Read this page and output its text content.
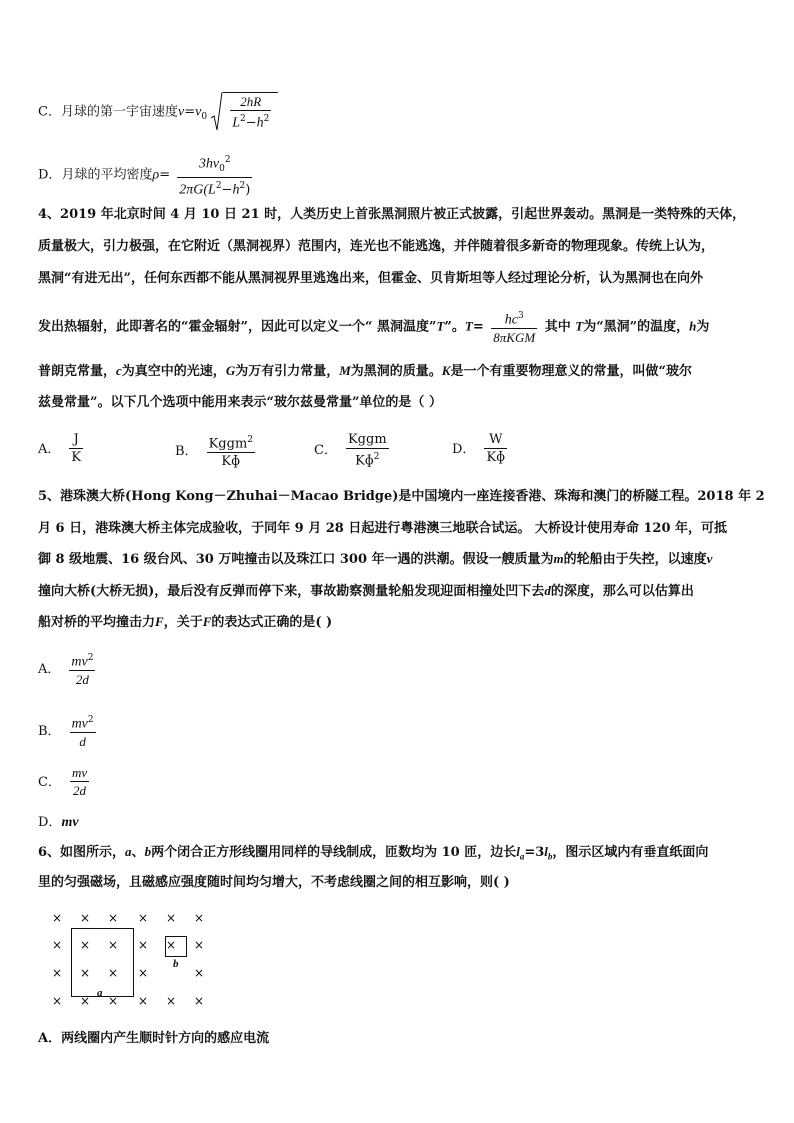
C．月球的第一宇宙速度$v=v_0 \frac{2hR}{L^2-h^2}$
D．月球的平均密度$\rho= \frac{3hv_0^2}{2\pi G(L^2-h^2)}$
4、2019 年北京时间 4 月 10 日 21 时，人类历史上首张黑洞照片被正式披露，引起世界轰动。黑洞是一类特殊的天体，
质量极大，引力极强，在它附近（黑洞视界）范围内，连光也不能逃逸，并伴随着很多新奇的物理现象。传统上认为，
黑洞“有进无出”，任何东西都不能从黑洞视界里逃逸出来，但霍金、贝肯斯坦等人经过理论分析，认为黑洞也在向外
发出热辐射，此即著名的“霍金辐射”，因此可以定义一个“ 黑洞温度”T”。$T= \frac{hc^3}{\text{8πKGM}}$ 其中 T为“黑洞”的温度，h为
普朗克常量，c为真空中的光速，G为万有引力常量，M为黑洞的质量。K是一个有重要物理意义的常量，叫做“玻尔
兹曼常量”。以下几个选项中能用来表示“玻尔兹曼常量”单位的是（ ）
A． $\frac{J}{K}$	B． $\frac{Kggm^2}{\text{Kɸ}}$	C． $\frac{\text{Kggm}}{Kɸ^2}$	D． $\frac{W}{\text{Kɸ}}$
5、港珠澳大桥(Hong Kong－Zhuhai－Macao Bridge)是中国境内一座连接香港、珠海和澳门的桥隧工程。2018 年 2
月 6 日，港珠澳大桥主体完成验收，于同年 9 月 28 日起进行粤港澳三地联合试运。 大桥设计使用寿命 120 年，可抵
御 8 级地震、16 级台风、30 万吨撞击以及珠江口 300 年一遇的洪潮。假设一艘质量为m的轮船由于失控，以速度v
撞向大桥(大桥无损)，最后没有反弹而停下来，事故勘察测量轮船发现迎面相撞处凹下去d的深度，那么可以估算出
船对桥的平均撞击力F，关于F的表达式正确的是( )
A． $\frac{mv^2}{2d}$
B． $\frac{mv^2}{d}$
C． $\frac{mv}{2d}$
D．mv
6、如图所示，a、b两个闭合正方形线圈用同样的导线制成，匝数均为 10 匝，边长$l_a=3l_b$，图示区域内有垂直纸面向
里的匀强磁场，且磁感应强度随时间均匀增大，不考虑线圈之间的相互影响，则( )
× × × × × ×
× × × × × ×
× × × ×	×
× × × × × ×
a
b
A．两线圈内产生顺时针方向的感应电流
